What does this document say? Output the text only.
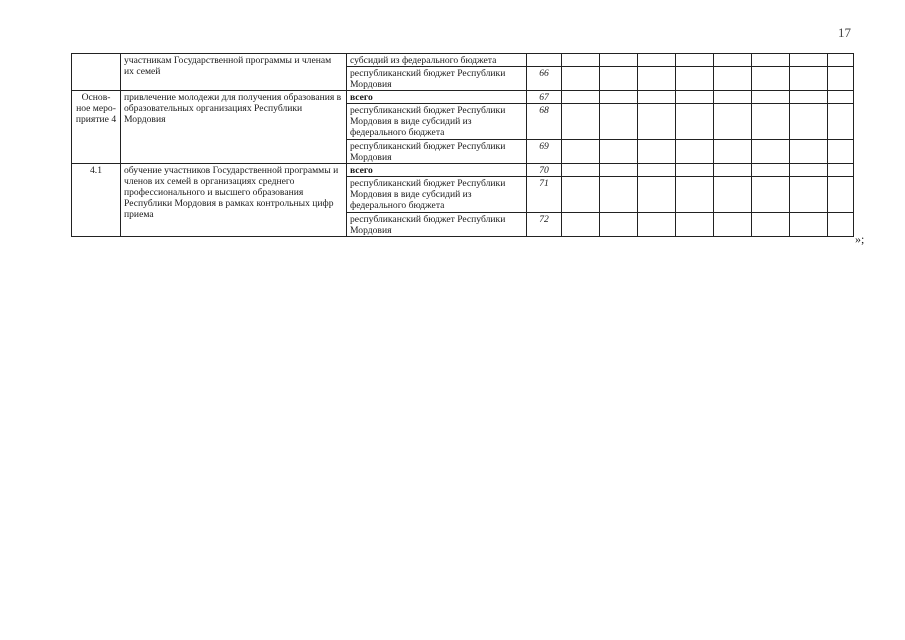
17
	участникам Государственной программы и членам их семей	субсидий из федерального бюджета									
		республиканский бюджет Республики Мордовия	66								
Основ-ное меро-приятие 4	привлечение молодежи для получения образования в образовательных организациях Республики Мордовия	всего	67								
		республиканский бюджет Республики Мордовия в виде субсидий из федерального бюджета	68								
		республиканский бюджет Республики Мордовия	69								
4.1	обучение участников Государственной программы и членов их семей в организациях среднего профессионального и высшего образования Республики Мордовия в рамках контрольных цифр приема	всего	70								
		республиканский бюджет Республики Мордовия в виде субсидий из федерального бюджета	71								
		республиканский бюджет Республики Мордовия	72								
»;
